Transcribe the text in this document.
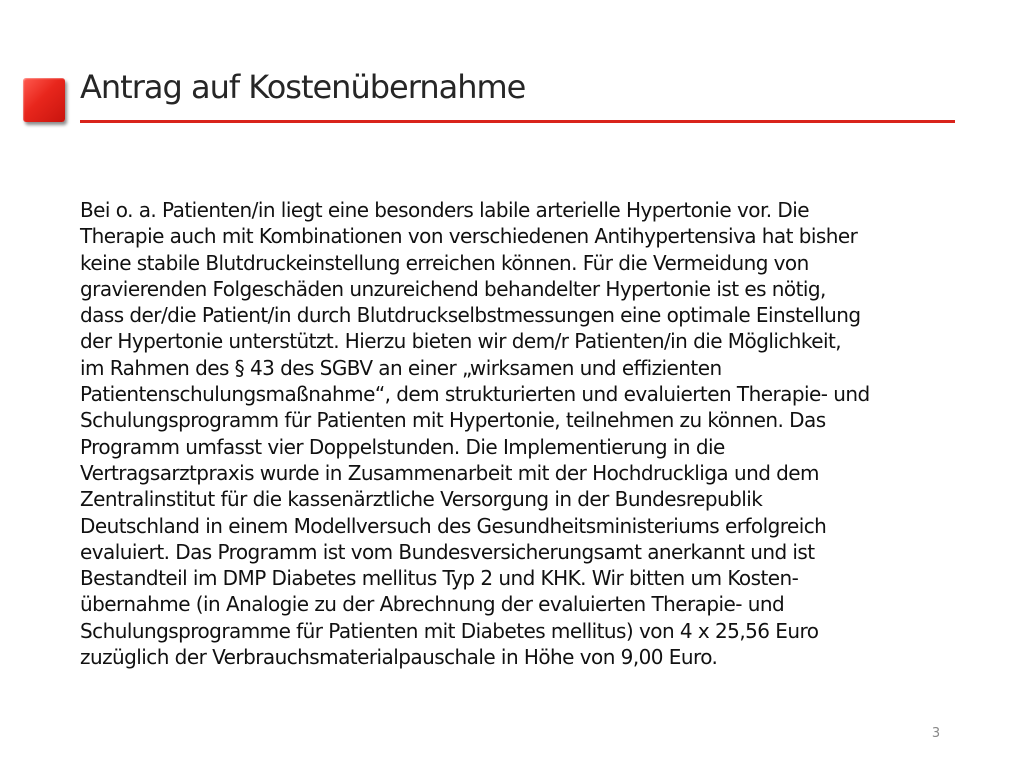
Antrag auf Kostenübernahme

Bei o. a. Patienten/in liegt eine besonders labile arterielle Hypertonie vor. Die
Therapie auch mit Kombinationen von verschiedenen Antihypertensiva hat bisher
keine stabile Blutdruckeinstellung erreichen können. Für die Vermeidung von
gravierenden Folgeschäden unzureichend behandelter Hypertonie ist es nötig,
dass der/die Patient/in durch Blutdruckselbstmessungen eine optimale Einstellung
der Hypertonie unterstützt. Hierzu bieten wir dem/r Patienten/in die Möglichkeit,
im Rahmen des § 43 des SGBV an einer „wirksamen und effizienten
Patientenschulungsmaßnahme“, dem strukturierten und evaluierten Therapie- und
Schulungsprogramm für Patienten mit Hypertonie, teilnehmen zu können. Das
Programm umfasst vier Doppelstunden. Die Implementierung in die
Vertragsarztpraxis wurde in Zusammenarbeit mit der Hochdruckliga und dem
Zentralinstitut für die kassenärztliche Versorgung in der Bundesrepublik
Deutschland in einem Modellversuch des Gesundheitsministeriums erfolgreich
evaluiert. Das Programm ist vom Bundesversicherungsamt anerkannt und ist
Bestandteil im DMP Diabetes mellitus Typ 2 und KHK. Wir bitten um Kosten-
übernahme (in Analogie zu der Abrechnung der evaluierten Therapie- und
Schulungsprogramme für Patienten mit Diabetes mellitus) von 4 x 25,56 Euro
zuzüglich der Verbrauchsmaterialpauschale in Höhe von 9,00 Euro.

3
